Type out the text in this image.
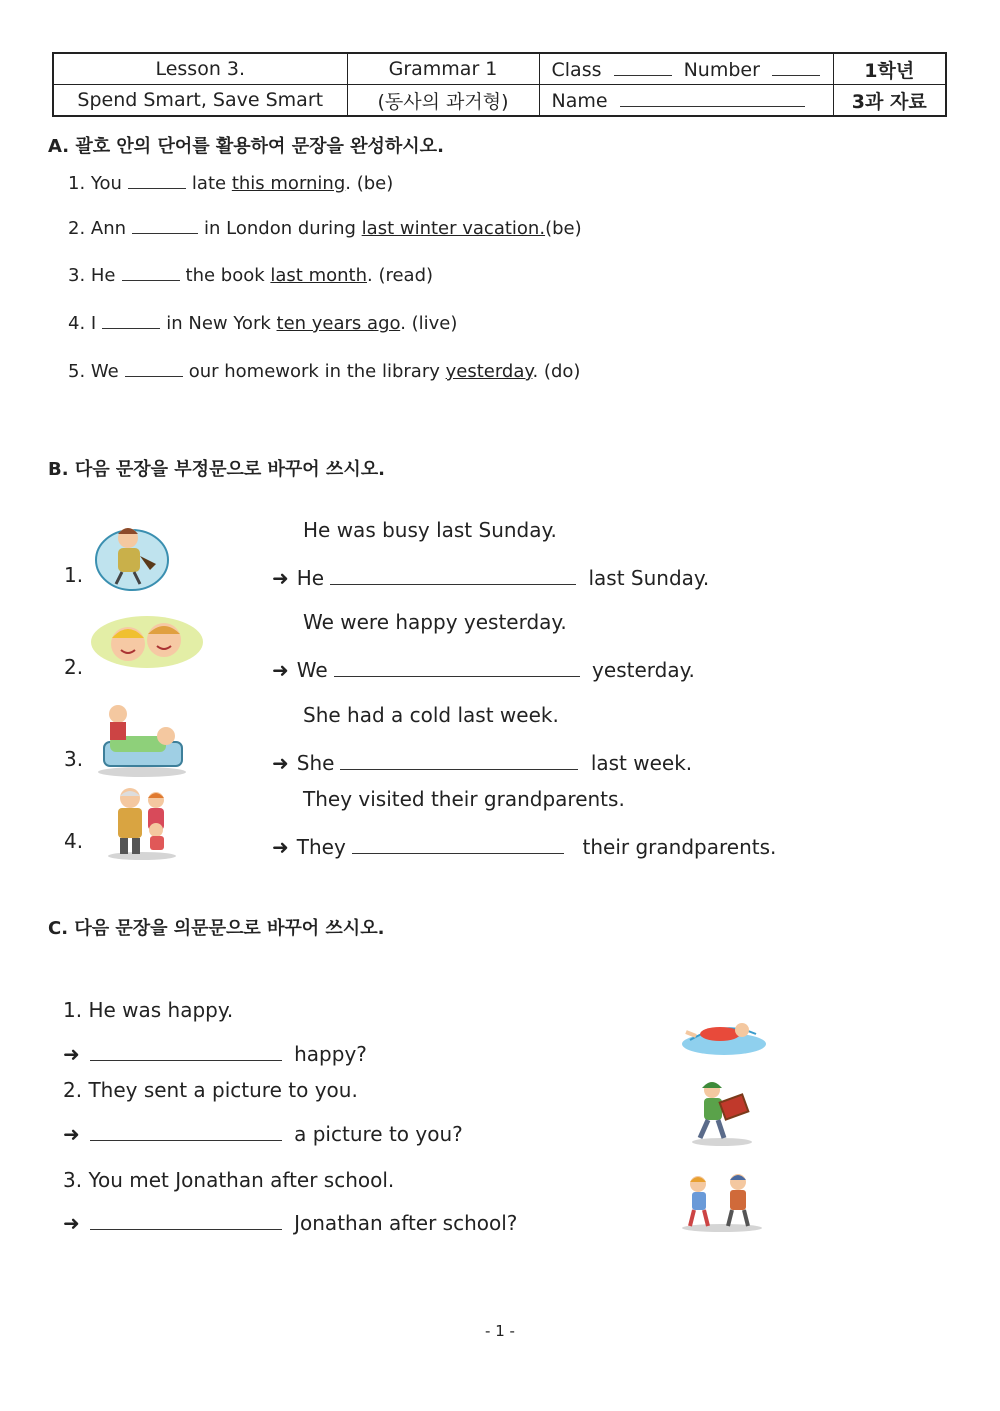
Lesson 3.	Grammar 1	Class Number	1학년
Spend Smart, Save Smart	(동사의 과거형)	Name	3과 자료
A. 괄호 안의 단어를 활용하여 문장을 완성하시오.
1. You	late this morning. (be)
2. Ann	in London during last winter vacation.(be)
3. He	the book last month. (read)
4. I	in New York ten years ago. (live)
5. We	our homework in the library yesterday. (do)
B. 다음 문장을 부정문으로 바꾸어 쓰시오.
1.
He was busy last Sunday.
➜ He	last Sunday.
2.
We were happy yesterday.
➜ We	yesterday.
3.
She had a cold last week.
➜ She	last week.
4.
They visited their grandparents.
➜ They	their grandparents.
C. 다음 문장을 의문문으로 바꾸어 쓰시오.
1. He was happy.
➜	happy?
2. They sent a picture to you.
➜	a picture to you?
3. You met Jonathan after school.
➜	Jonathan after school?
- 1 -
